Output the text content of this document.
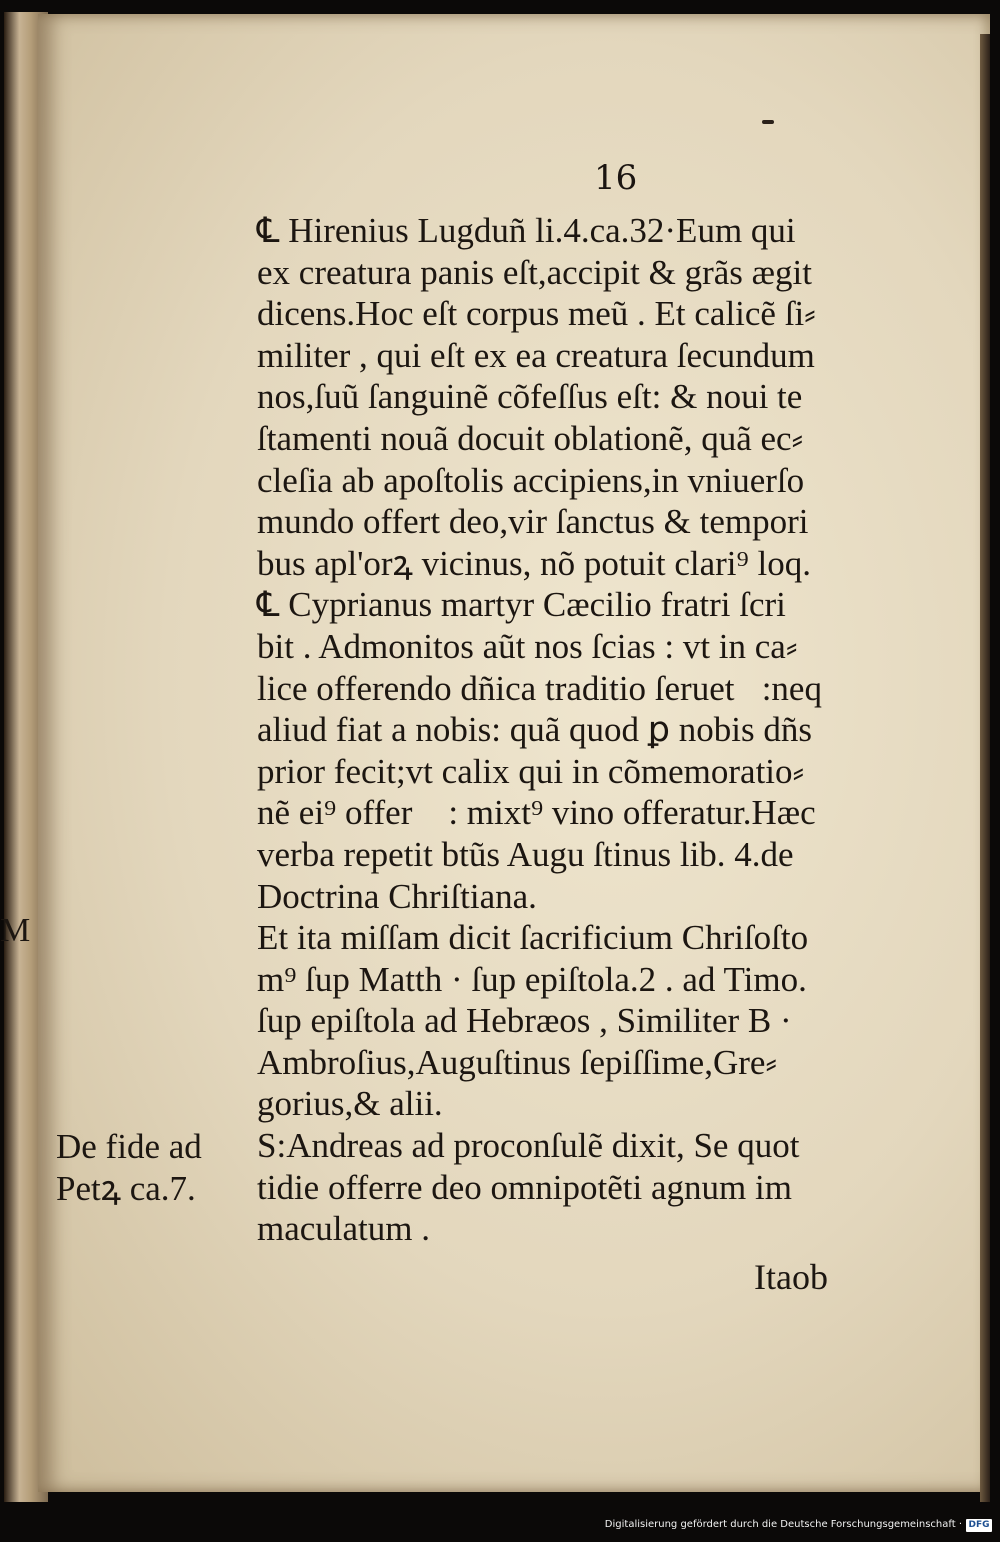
16

℄ Hirenius Lugduñ li.4.ca.32·Eum qui
ex creatura panis eſt,accipit & grãs ægit
dicens.Hoc eſt corpus meũ . Et calicẽ ſi⸗
militer , qui eſt ex ea creatura ſecundum
nos,ſuũ ſanguinẽ cõfeſſus eſt: & noui te
ſtamenti nouã docuit oblationẽ, quã ec⸗
cleſia ab apoſtolis accipiens,in vniuerſo
mundo offert deo,vir ſanctus & tempori
bus apl'orꝝ vicinus, nõ potuit clari⁹ loq.
℄ Cyprianus martyr Cæcilio fratri ſcri
bit . Admonitos aũt nos ſcias : vt in ca⸗
lice offerendo dñica traditio ſeruetᷣ:neqꝫ
aliud fiat a nobis: quã quod ꝑ nobis dñs
prior fecit;vt calix qui in cõmemoratio⸗
nẽ ei⁹ offerᷣ : mixt⁹ vino offeratur.Hæc
verba repetit btũs Augu ſtinus lib. 4.de
Doctrina Chriſtiana.
Et ita miſſam dicit ſacrificium Chriſoſto
m⁹ ſup Matth · ſup epiſtola.2 . ad Timo.
ſup epiſtola ad Hebræos , Similiter B ·
Ambroſius,Auguſtinus ſepiſſime,Gre⸗
gorius,& alii.
S:Andreas ad proconſulẽ dixit, Se quot
tidie offerre deo omnipotẽti agnum im
maculatum .
M
De fide ad
Petꝝ ca.7.
Itaob
Digitalisierung gefördert durch die Deutsche Forschungsgemeinschaft · DFG
